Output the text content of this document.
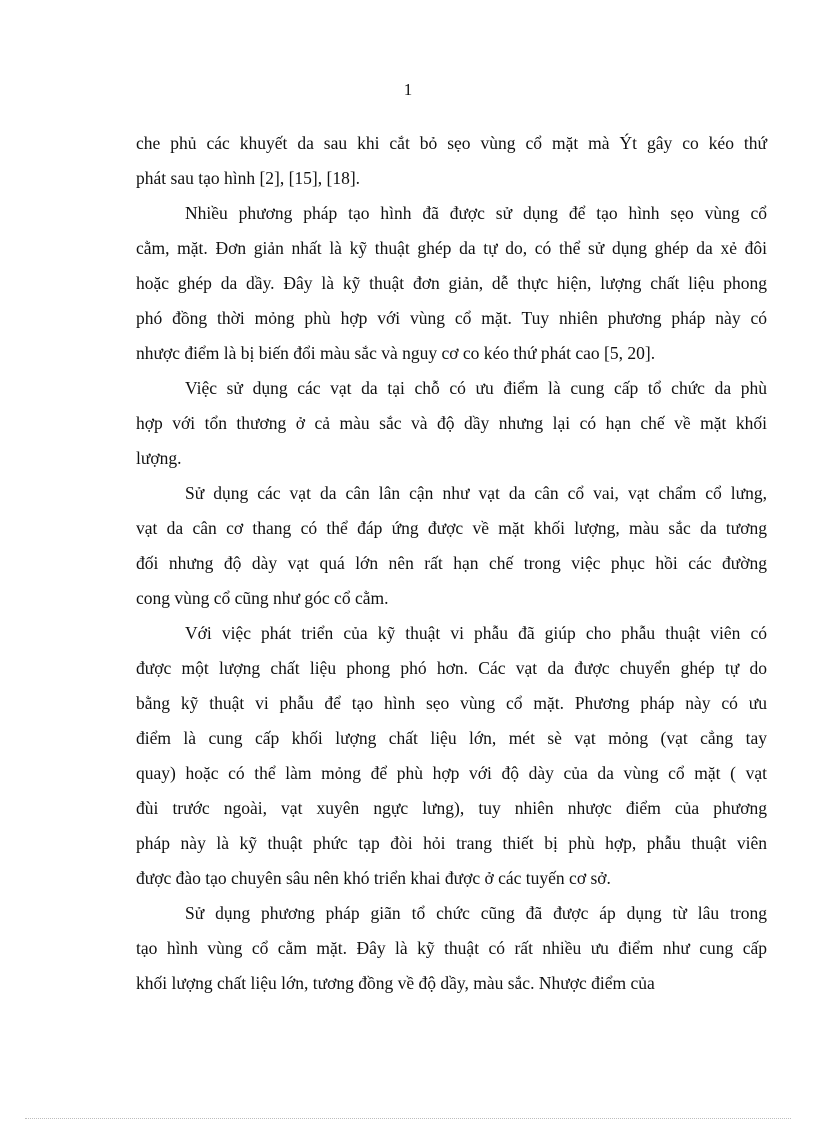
1
che phủ các khuyết da sau khi cắt bỏ sẹo vùng cổ mặt mà Ýt gây co kéo thứ
phát sau tạo hình [2], [15], [18].
Nhiều phương pháp tạo hình đã được sử dụng để tạo hình sẹo vùng cổ
cằm, mặt. Đơn giản nhất là kỹ thuật ghép da tự do, có thể sử dụng ghép da xẻ đôi
hoặc ghép da dầy. Đây là kỹ thuật đơn giản, dễ thực hiện, lượng chất liệu phong
phó đồng thời mỏng phù hợp với vùng cổ mặt. Tuy nhiên phương pháp này có
nhược điểm là bị biến đổi màu sắc và nguy cơ co kéo thứ phát cao [5, 20].
Việc sử dụng các vạt da tại chỗ có ưu điểm là cung cấp tổ chức da phù
hợp với tổn thương ở cả màu sắc và độ dầy nhưng lại có hạn chế về mặt khối
lượng.
Sử dụng các vạt da cân lân cận như vạt da cân cổ vai, vạt chẩm cổ lưng,
vạt da cân cơ thang có thể đáp ứng được về mặt khối lượng, màu sắc da tương
đối nhưng độ dày vạt quá lớn nên rất hạn chế trong việc phục hồi các đường
cong vùng cổ cũng như góc cổ cằm.
Với việc phát triển của kỹ thuật vi phẫu đã giúp cho phẫu thuật viên có
được một lượng chất liệu phong phó hơn. Các vạt da được chuyển ghép tự do
bằng kỹ thuật vi phẫu để tạo hình sẹo vùng cổ mặt. Phương pháp này có ưu
điểm là cung cấp khối lượng chất liệu lớn, mét sè vạt mỏng (vạt cẳng tay
quay) hoặc có thể làm mỏng để phù hợp với độ dày của da vùng cổ mặt ( vạt
đùi trước ngoài, vạt xuyên ngực lưng), tuy nhiên nhược điểm của phương
pháp này là kỹ thuật phức tạp đòi hỏi trang thiết bị phù hợp, phẫu thuật viên
được đào tạo chuyên sâu nên khó triển khai được ở các tuyến cơ sở.
Sử dụng phương pháp giãn tổ chức cũng đã được áp dụng từ lâu trong
tạo hình vùng cổ cằm mặt. Đây là kỹ thuật có rất nhiều ưu điểm như cung cấp
khối lượng chất liệu lớn, tương đồng về độ dầy, màu sắc. Nhược điểm của
